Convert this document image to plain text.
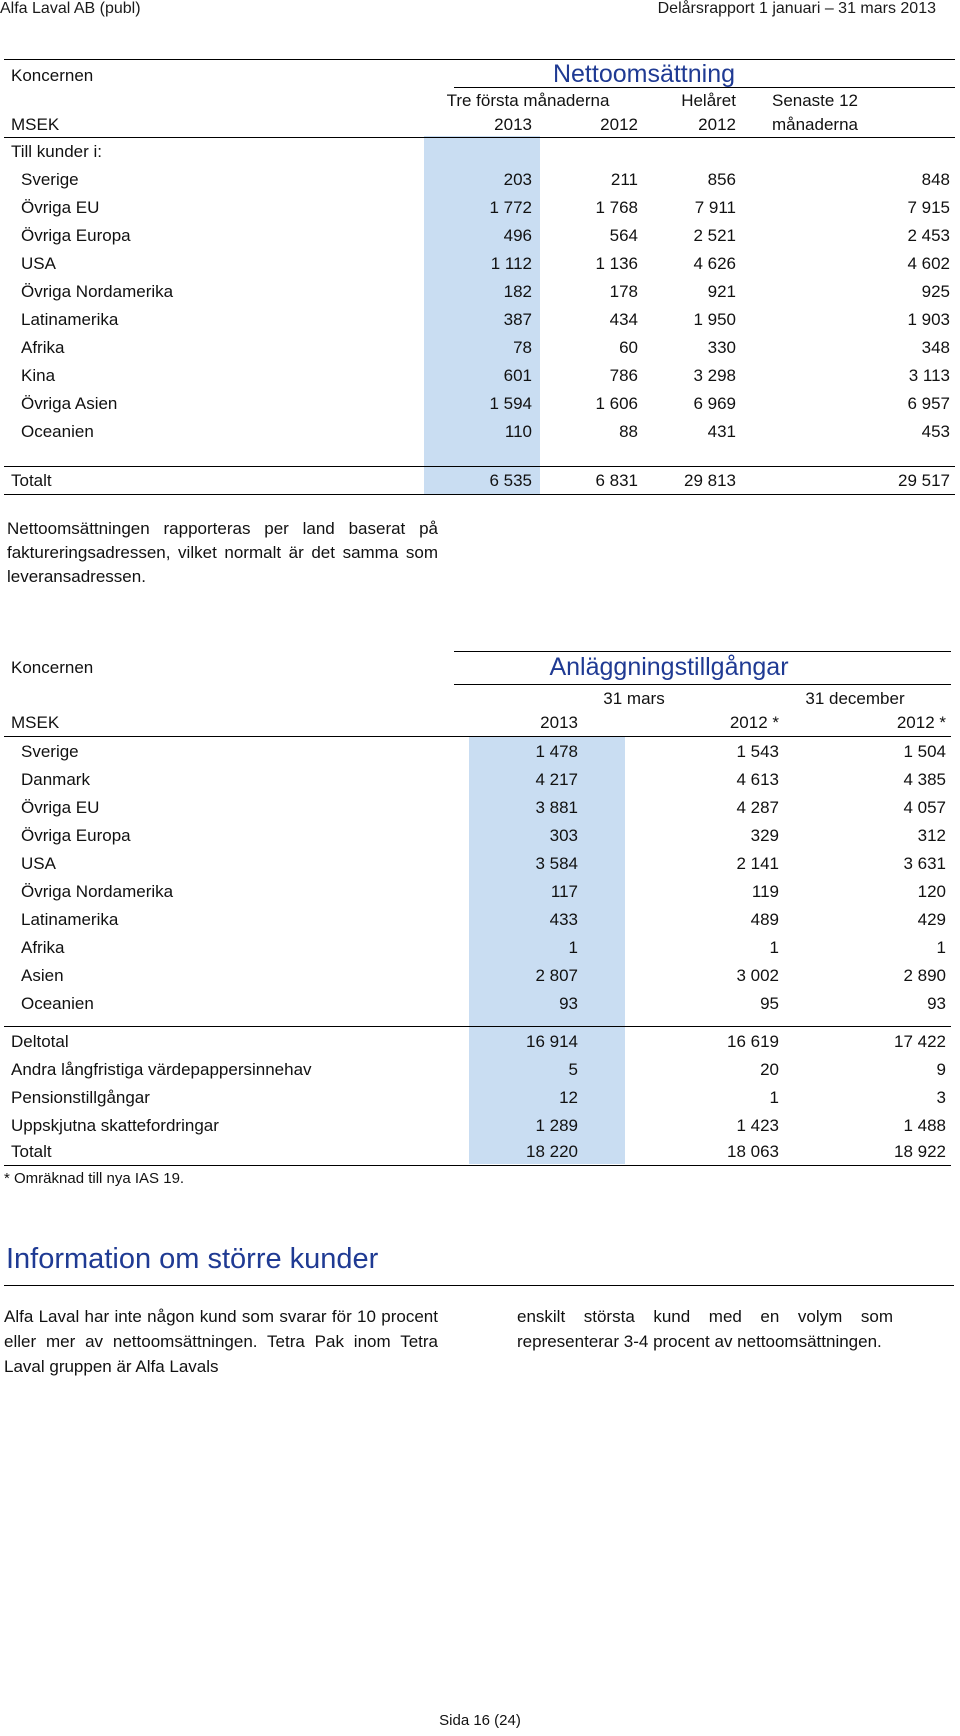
Alfa Laval AB (publ)	Delårsrapport 1 januari – 31 mars 2013
Koncernen	Nettoomsättning
Tre första månaderna	Helåret	Senaste 12
MSEK	2013	2012	2012	månaderna
Till kunder i:
Sverige	203	211	856	848
Övriga EU	1 772	1 768	7 911	7 915
Övriga Europa	496	564	2 521	2 453
USA	1 112	1 136	4 626	4 602
Övriga Nordamerika	182	178	921	925
Latinamerika	387	434	1 950	1 903
Afrika	78	60	330	348
Kina	601	786	3 298	3 113
Övriga Asien	1 594	1 606	6 969	6 957
Oceanien	110	88	431	453
Totalt	6 535	6 831	29 813	29 517
Nettoomsättningen rapporteras per land baserat på faktureringsadressen, vilket normalt är det samma som leveransadressen.
Koncernen	Anläggningstillgångar
31 mars	31 december
MSEK	2013	2012 *	2012 *
Sverige	1 478	1 543	1 504
Danmark	4 217	4 613	4 385
Övriga EU	3 881	4 287	4 057
Övriga Europa	303	329	312
USA	3 584	2 141	3 631
Övriga Nordamerika	117	119	120
Latinamerika	433	489	429
Afrika	1	1	1
Asien	2 807	3 002	2 890
Oceanien	93	95	93
Deltotal	16 914	16 619	17 422
Andra långfristiga värdepappersinnehav	5	20	9
Pensionstillgångar	12	1	3
Uppskjutna skattefordringar	1 289	1 423	1 488
Totalt	18 220	18 063	18 922
* Omräknad till nya IAS 19.
Information om större kunder
Alfa Laval har inte någon kund som svarar för 10 procent eller mer av nettoomsättningen. Tetra Pak inom Tetra Laval gruppen är Alfa Lavals
enskilt största kund med en volym som representerar 3-4 procent av nettoomsättningen.
Sida 16 (24)
